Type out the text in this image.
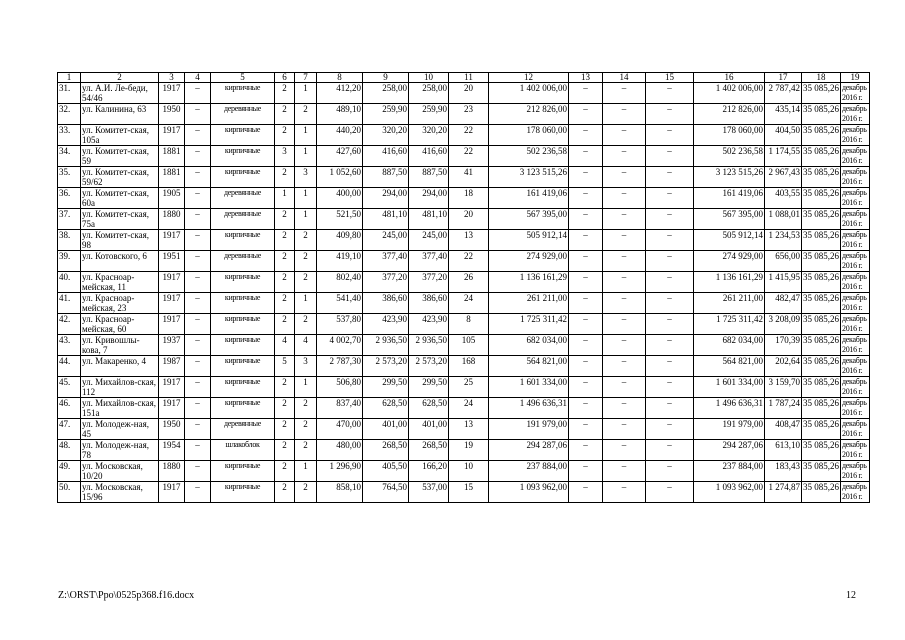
1	2	3	4	5	6	7	8	9	10	11	12	13	14	15	16	17	18	19
31.	ул. А.И. Ле-беди, 54/46	1917	–	кирпичные	2	1	412,20	258,00	258,00	20	1 402 006,00	–	–	–	1 402 006,00	2 787,42	35 085,26	декабрь 2016 г.
32.	ул. Калинина, 63	1950	–	деревянные	2	2	489,10	259,90	259,90	23	212 826,00	–	–	–	212 826,00	435,14	35 085,26	декабрь 2016 г.
33.	ул. Комитет-ская, 105а	1917	–	кирпичные	2	1	440,20	320,20	320,20	22	178 060,00	–	–	–	178 060,00	404,50	35 085,26	декабрь 2016 г.
34.	ул. Комитет-ская, 59	1881	–	кирпичные	3	1	427,60	416,60	416,60	22	502 236,58	–	–	–	502 236,58	1 174,55	35 085,26	декабрь 2016 г.
35.	ул. Комитет-ская, 59/62	1881	–	кирпичные	2	3	1 052,60	887,50	887,50	41	3 123 515,26	–	–	–	3 123 515,26	2 967,43	35 085,26	декабрь 2016 г.
36.	ул. Комитет-ская, 60а	1905	–	деревянные	1	1	400,00	294,00	294,00	18	161 419,06	–	–	–	161 419,06	403,55	35 085,26	декабрь 2016 г.
37.	ул. Комитет-ская, 75а	1880	–	деревянные	2	1	521,50	481,10	481,10	20	567 395,00	–	–	–	567 395,00	1 088,01	35 085,26	декабрь 2016 г.
38.	ул. Комитет-ская, 98	1917	–	кирпичные	2	2	409,80	245,00	245,00	13	505 912,14	–	–	–	505 912,14	1 234,53	35 085,26	декабрь 2016 г.
39.	ул. Котовского, 6	1951	–	деревянные	2	2	419,10	377,40	377,40	22	274 929,00	–	–	–	274 929,00	656,00	35 085,26	декабрь 2016 г.
40.	ул. Красноар-мейская, 11	1917	–	кирпичные	2	2	802,40	377,20	377,20	26	1 136 161,29	–	–	–	1 136 161,29	1 415,95	35 085,26	декабрь 2016 г.
41.	ул. Красноар-мейская, 23	1917	–	кирпичные	2	1	541,40	386,60	386,60	24	261 211,00	–	–	–	261 211,00	482,47	35 085,26	декабрь 2016 г.
42.	ул. Красноар-мейская, 60	1917	–	кирпичные	2	2	537,80	423,90	423,90	8	1 725 311,42	–	–	–	1 725 311,42	3 208,09	35 085,26	декабрь 2016 г.
43.	ул. Кривошлы-кова, 7	1937	–	кирпичные	4	4	4 002,70	2 936,50	2 936,50	105	682 034,00	–	–	–	682 034,00	170,39	35 085,26	декабрь 2016 г.
44.	ул. Макаренко, 4	1987	–	кирпичные	5	3	2 787,30	2 573,20	2 573,20	168	564 821,00	–	–	–	564 821,00	202,64	35 085,26	декабрь 2016 г.
45.	ул. Михайлов-ская, 112	1917	–	кирпичные	2	1	506,80	299,50	299,50	25	1 601 334,00	–	–	–	1 601 334,00	3 159,70	35 085,26	декабрь 2016 г.
46.	ул. Михайлов-ская, 151а	1917	–	кирпичные	2	2	837,40	628,50	628,50	24	1 496 636,31	–	–	–	1 496 636,31	1 787,24	35 085,26	декабрь 2016 г.
47.	ул. Молодеж-ная, 45	1950	–	деревянные	2	2	470,00	401,00	401,00	13	191 979,00	–	–	–	191 979,00	408,47	35 085,26	декабрь 2016 г.
48.	ул. Молодеж-ная, 78	1954	–	шлакоблок	2	2	480,00	268,50	268,50	19	294 287,06	–	–	–	294 287,06	613,10	35 085,26	декабрь 2016 г.
49.	ул. Московская, 10/20	1880	–	кирпичные	2	1	1 296,90	405,50	166,20	10	237 884,00	–	–	–	237 884,00	183,43	35 085,26	декабрь 2016 г.
50.	ул. Московская, 15/96	1917	–	кирпичные	2	2	858,10	764,50	537,00	15	1 093 962,00	–	–	–	1 093 962,00	1 274,87	35 085,26	декабрь 2016 г.
Z:\ORST\Ppo\0525p368.f16.docx	12
